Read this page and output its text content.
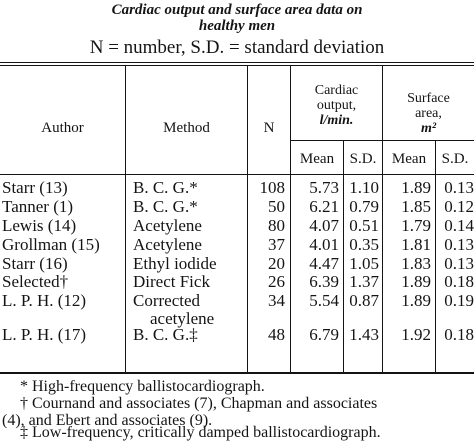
Cardiac output and surface area data on
healthy men
N = number, S.D. = standard deviation
Author	Method	N
Cardiac output,
l/min.
Surface area,
m²
Mean	S.D.	Mean	S.D.
Starr (13)	B. C. G.*	108	5.73 1.10	1.89 0.13
Tanner (1)	B. C. G.*	50	6.21 0.79	1.85 0.12
Lewis (14)	Acetylene	80	4.07 0.51	1.79 0.14
Grollman (15)	Acetylene	37	4.01 0.35	1.81 0.13
Starr (16)	Ethyl iodide	20	4.47 1.05	1.83 0.13
Selected†	Direct Fick	26	6.39 1.37	1.89 0.18
L. P. H. (12)	Corrected	34	5.54 0.87	1.89 0.19
acetylene
L. P. H. (17)	B. C. G.‡	48	6.79 1.43	1.92 0.18
* High-frequency ballistocardiograph.
† Cournand and associates (7), Chapman and associates
(4), and Ebert and associates (9).
‡ Low-frequency, critically damped ballistocardiograph.
